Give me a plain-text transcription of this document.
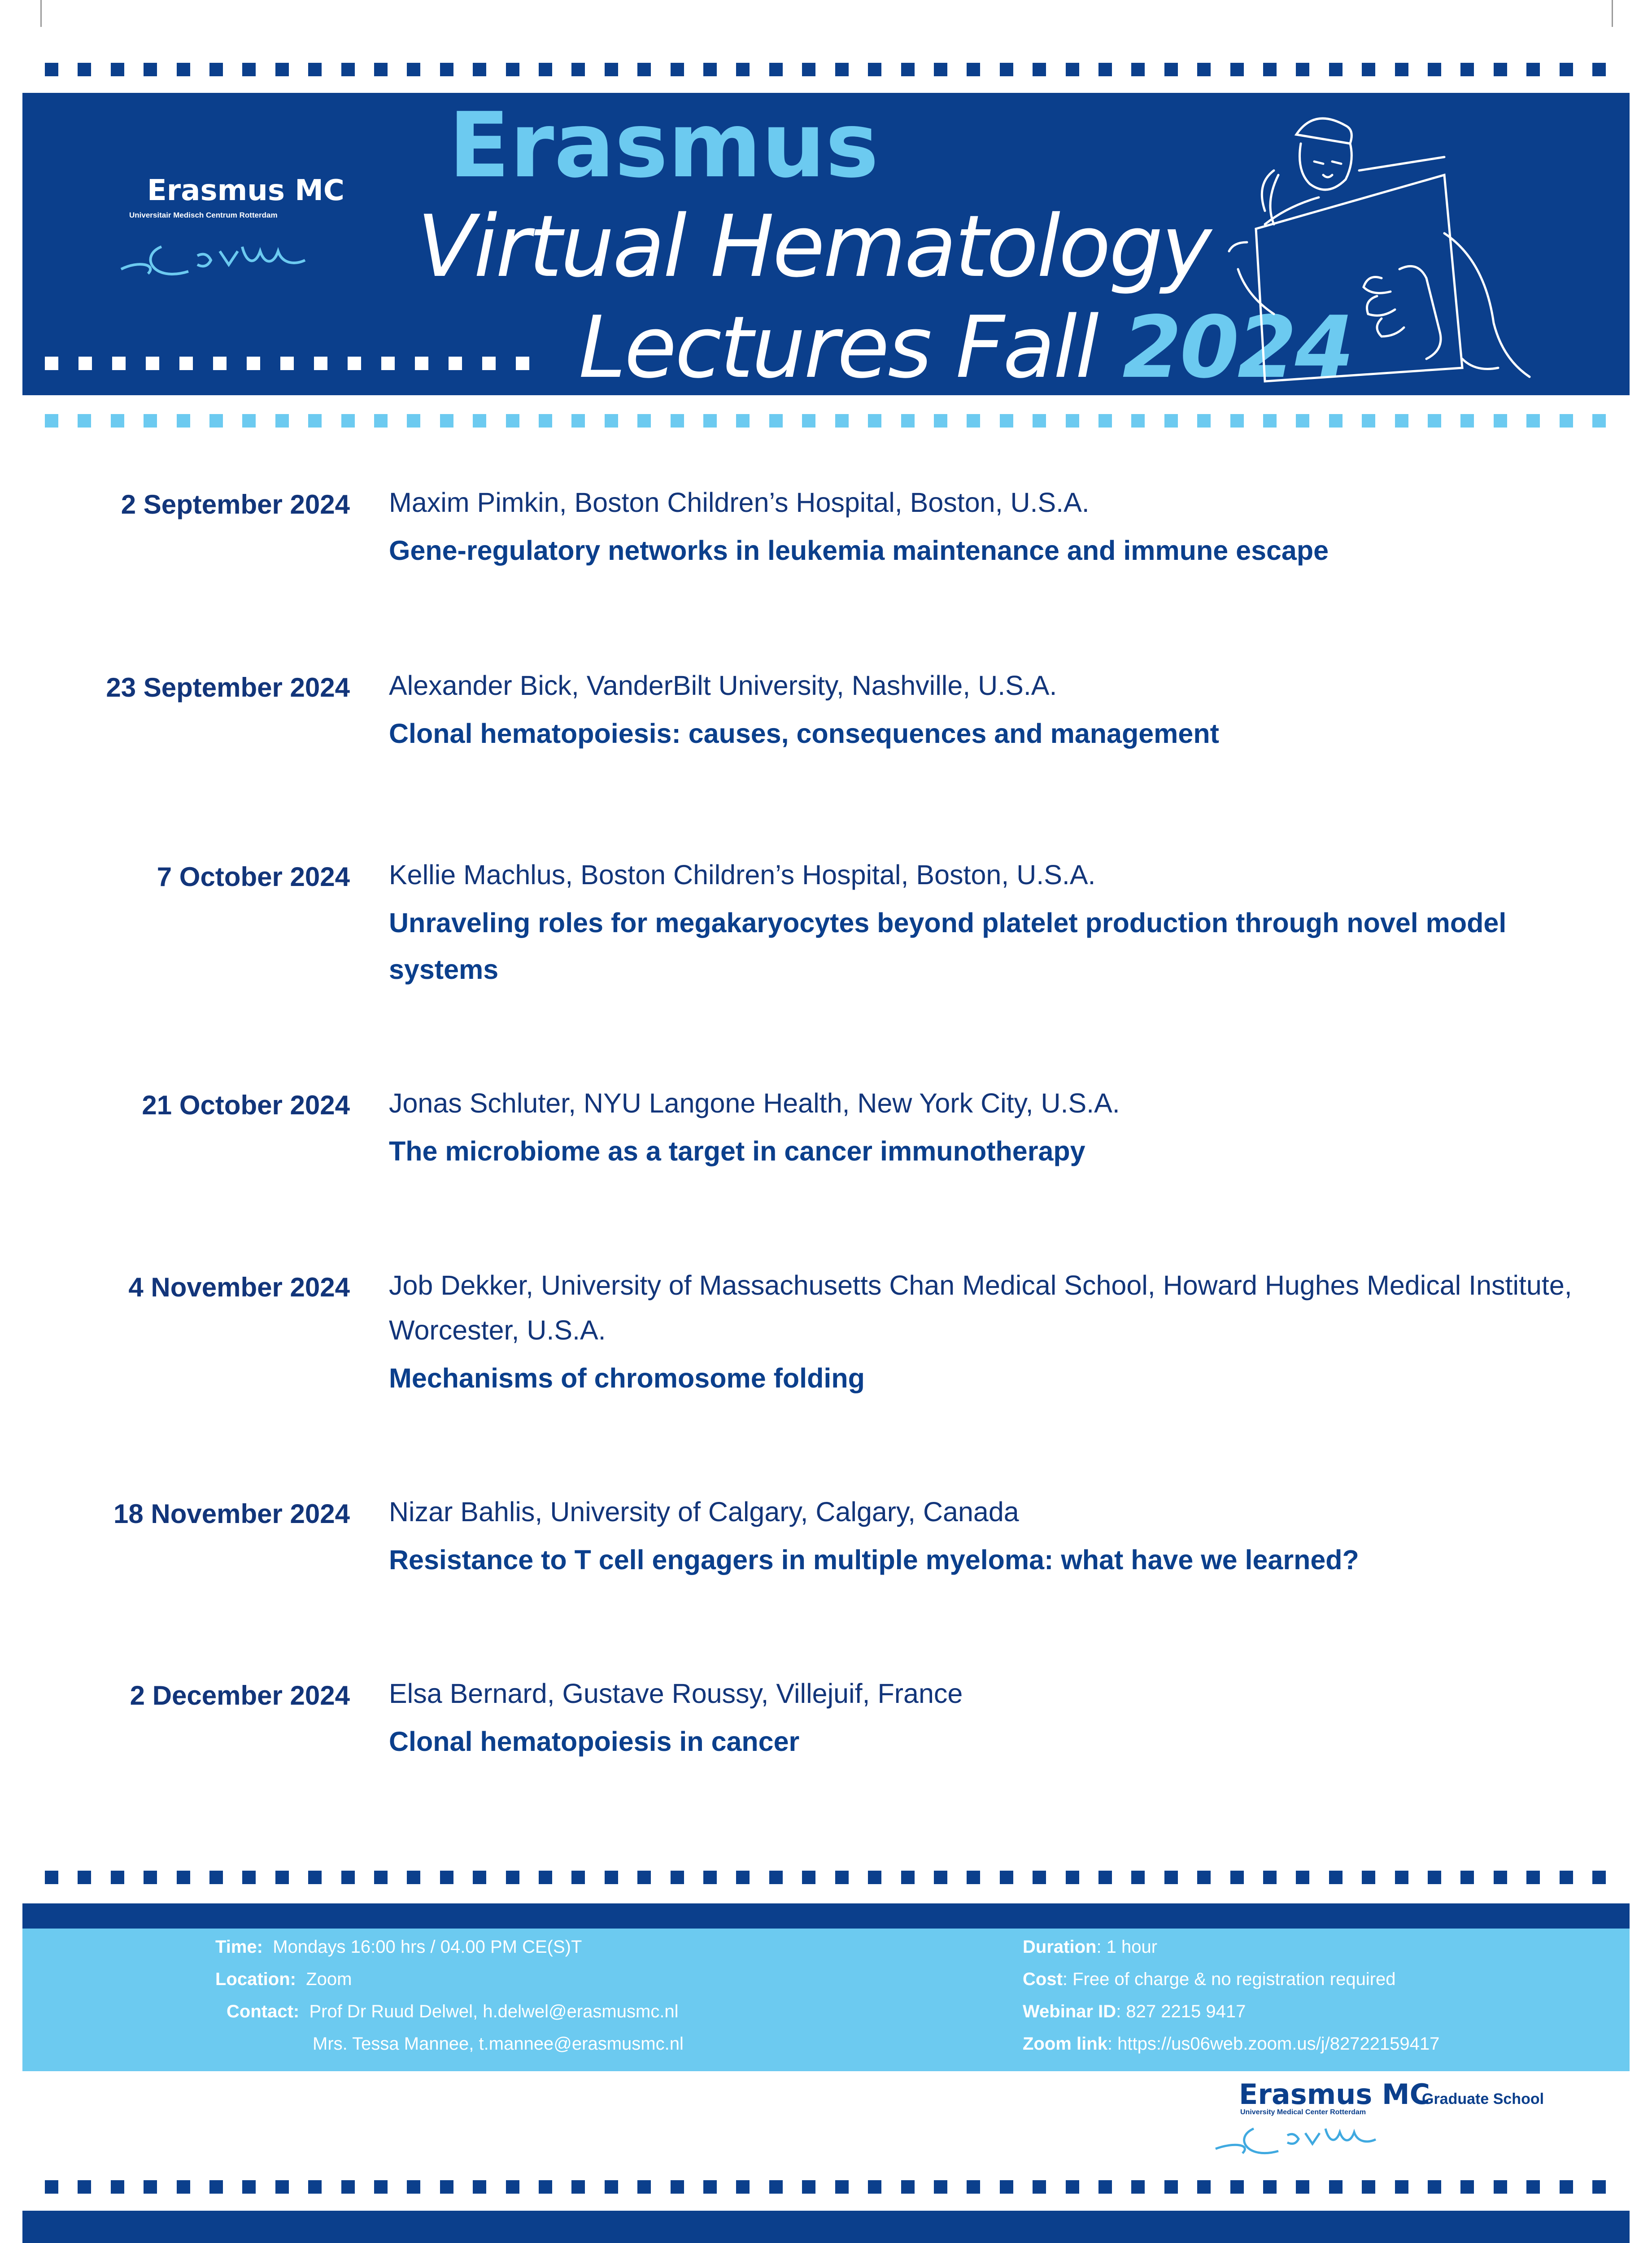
Erasmus MC
Universitair Medisch Centrum Rotterdam
Erasmus
Virtual Hematology
Lectures Fall 2024
2 September 2024 Maxim Pimkin, Boston Children’s Hospital, Boston, U.S.A.
Gene-regulatory networks in leukemia maintenance and immune escape
23 September 2024 Alexander Bick, VanderBilt University, Nashville, U.S.A.
Clonal hematopoiesis: causes, consequences and management
7 October 2024 Kellie Machlus, Boston Children’s Hospital, Boston, U.S.A.
Unraveling roles for megakaryocytes beyond platelet production through novel model systems
21 October 2024 Jonas Schluter, NYU Langone Health, New York City, U.S.A.
The microbiome as a target in cancer immunotherapy
4 November 2024 Job Dekker, University of Massachusetts Chan Medical School, Howard Hughes Medical Institute, Worcester, U.S.A.
Mechanisms of chromosome folding
18 November 2024 Nizar Bahlis, University of Calgary, Calgary, Canada
Resistance to T cell engagers in multiple myeloma: what have we learned?
2 December 2024 Elsa Bernard, Gustave Roussy, Villejuif, France
Clonal hematopoiesis in cancer
Time: Mondays 16:00 hrs / 04.00 PM CE(S)T
Location: Zoom
Contact: Prof Dr Ruud Delwel, h.delwel@erasmusmc.nl
Mrs. Tessa Mannee, t.mannee@erasmusmc.nl
Duration: 1 hour
Cost: Free of charge & no registration required
Webinar ID: 827 2215 9417
Zoom link: https://us06web.zoom.us/j/82722159417
Erasmus MC
University Medical Center Rotterdam
Graduate School
